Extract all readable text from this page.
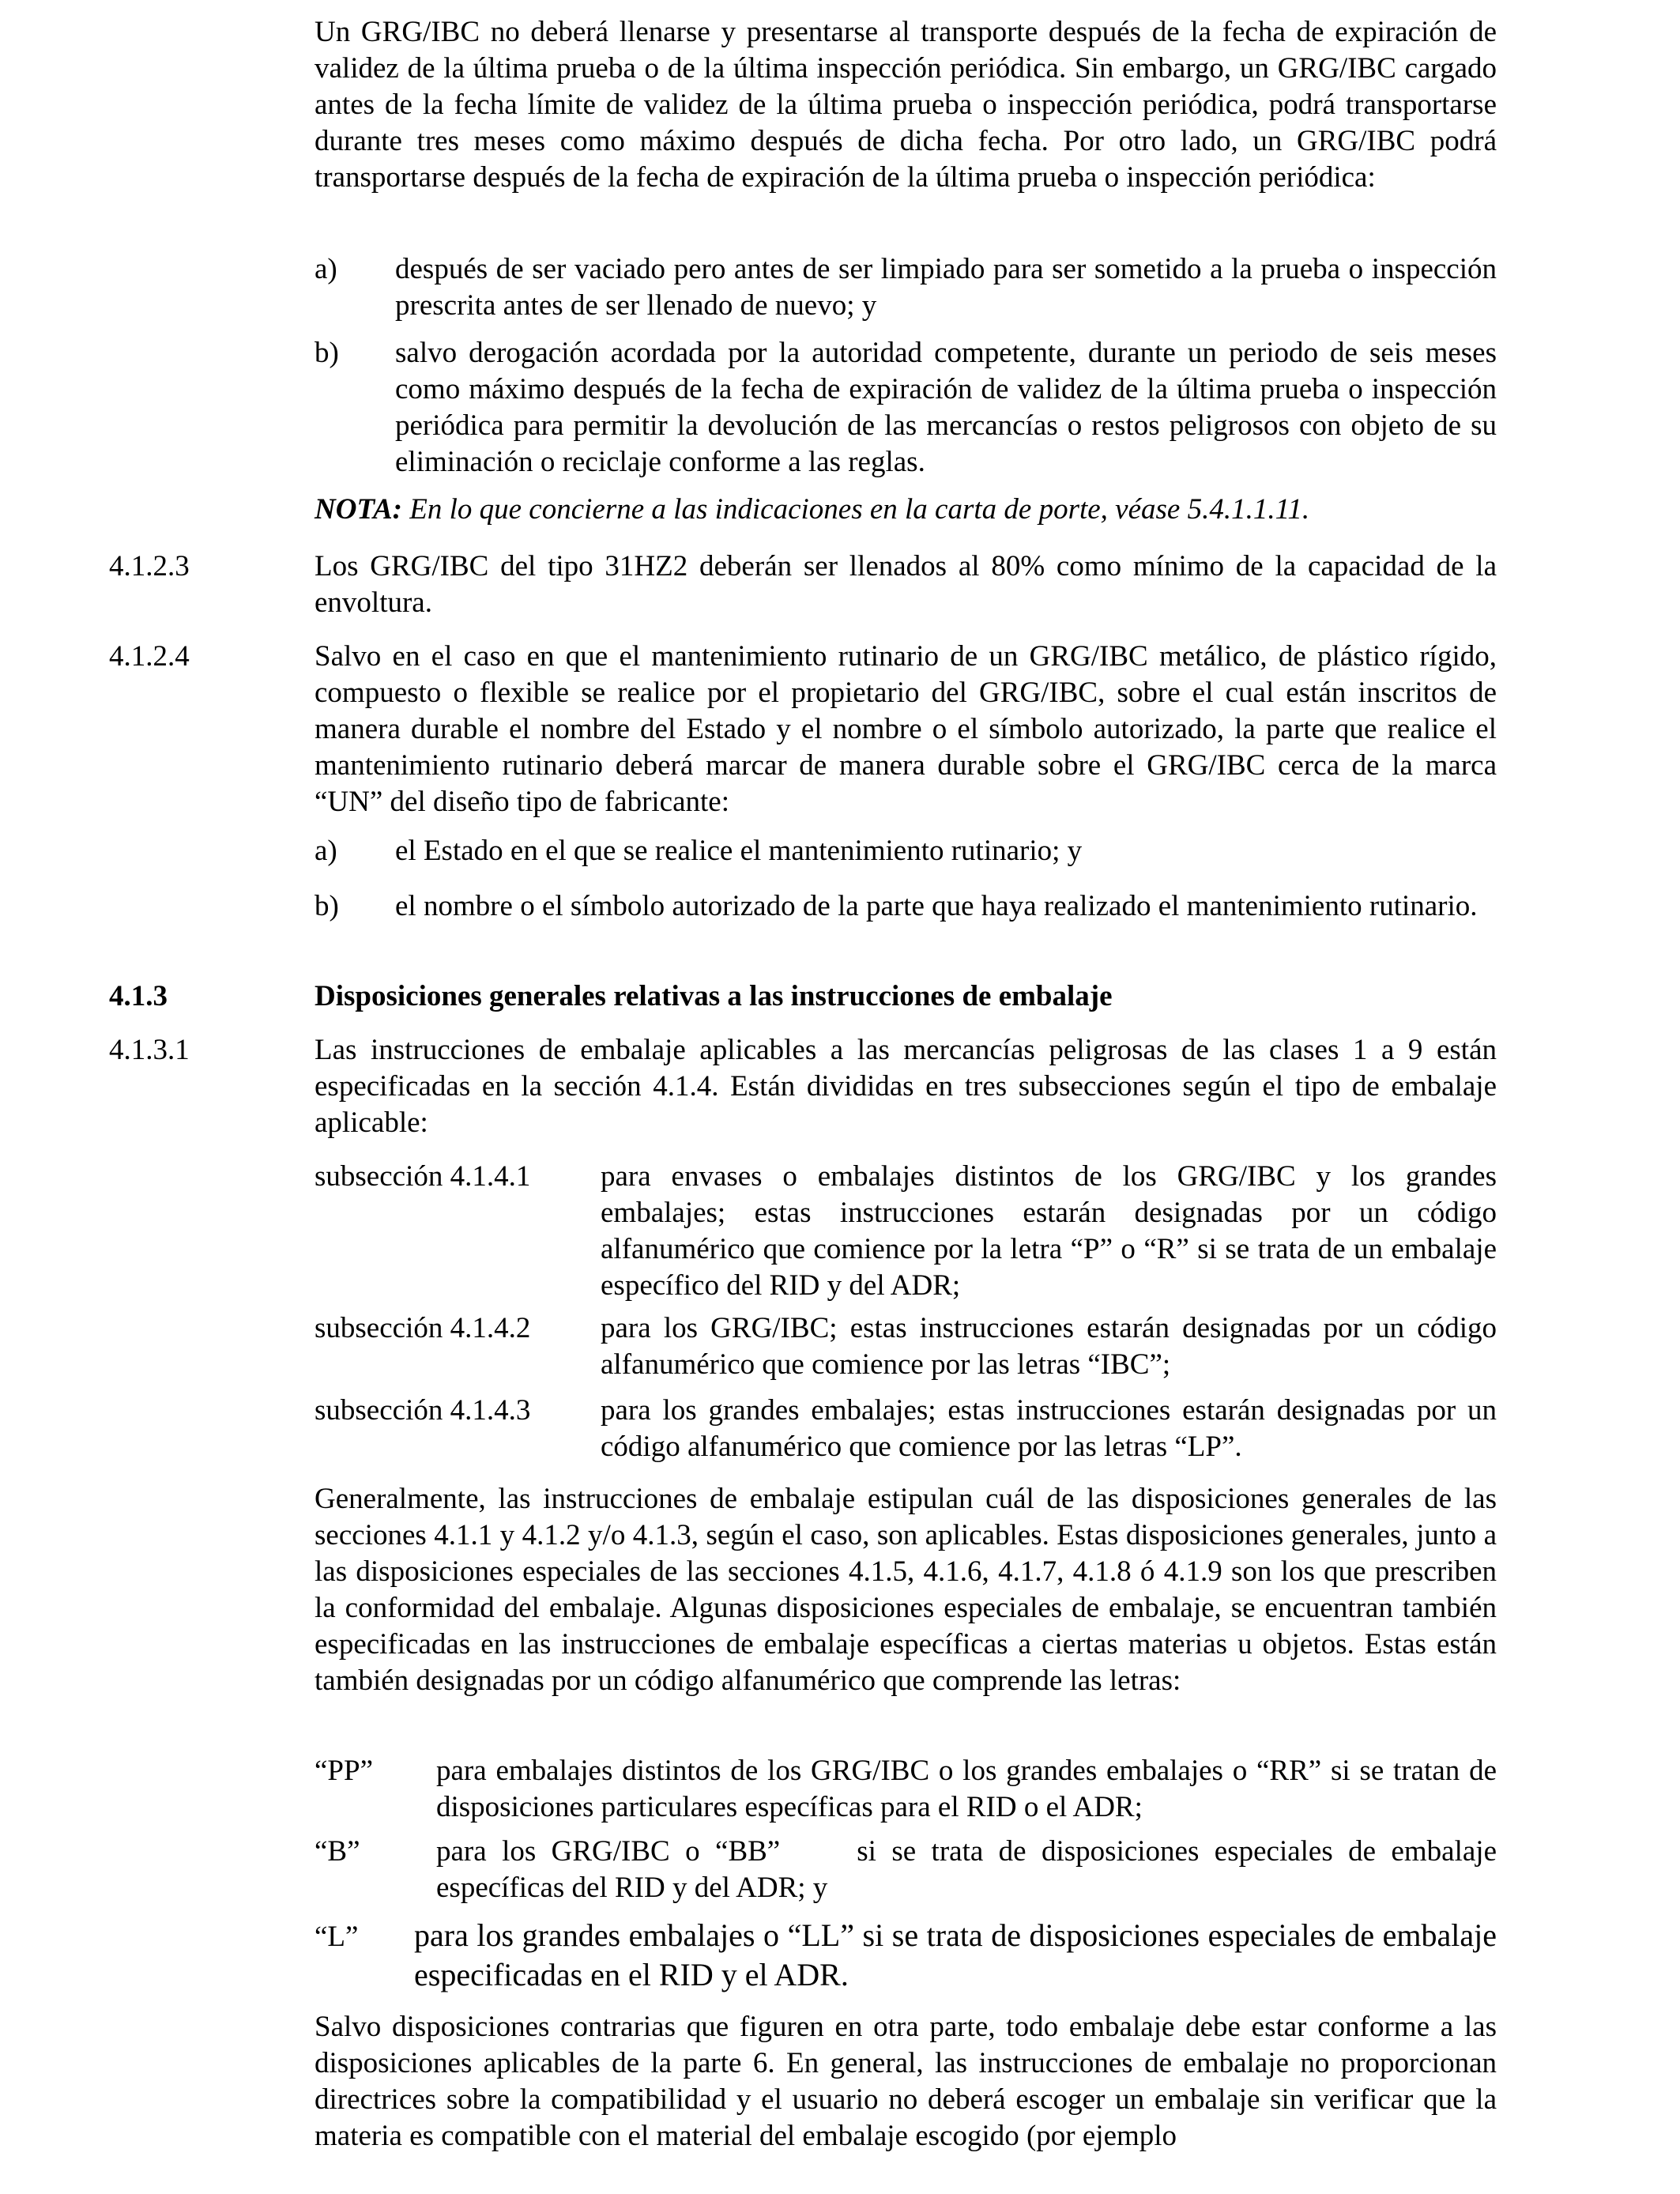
Un GRG/IBC no deberá llenarse y presentarse al transporte después de la fecha de expiración de validez de la última prueba o de la última inspección periódica. Sin embargo, un GRG/IBC cargado antes de la fecha límite de validez de la última prueba o inspección periódica, podrá transportarse durante tres meses como máximo después de dicha fecha. Por otro lado, un GRG/IBC podrá transportarse después de la fecha de expiración de la última prueba o inspección periódica:

a) después de ser vaciado pero antes de ser limpiado para ser sometido a la prueba o inspección prescrita antes de ser llenado de nuevo; y

b) salvo derogación acordada por la autoridad competente, durante un periodo de seis meses como máximo después de la fecha de expiración de validez de la última prueba o inspección periódica para permitir la devolución de las mercancías o restos peligrosos con objeto de su eliminación o reciclaje conforme a las reglas.

NOTA: En lo que concierne a las indicaciones en la carta de porte, véase 5.4.1.1.11.

4.1.2.3	Los GRG/IBC del tipo 31HZ2 deberán ser llenados al 80% como mínimo de la capacidad de la envoltura.

4.1.2.4	Salvo en el caso en que el mantenimiento rutinario de un GRG/IBC metálico, de plástico rígido, compuesto o flexible se realice por el propietario del GRG/IBC, sobre el cual están inscritos de manera durable el nombre del Estado y el nombre o el símbolo autorizado, la parte que realice el mantenimiento rutinario deberá marcar de manera durable sobre el GRG/IBC cerca de la marca “UN” del diseño tipo de fabricante:

a) el Estado en el que se realice el mantenimiento rutinario; y

b) el nombre o el símbolo autorizado de la parte que haya realizado el mantenimiento rutinario.

4.1.3	Disposiciones generales relativas a las instrucciones de embalaje

4.1.3.1	Las instrucciones de embalaje aplicables a las mercancías peligrosas de las clases 1 a 9 están especificadas en la sección 4.1.4. Están divididas en tres subsecciones según el tipo de embalaje aplicable:

subsección 4.1.4.1 para envases o embalajes distintos de los GRG/IBC y los grandes embalajes; estas instrucciones estarán designadas por un código alfanumérico que comience por la letra “P” o “R” si se trata de un embalaje específico del RID y del ADR;

subsección 4.1.4.2 para los GRG/IBC; estas instrucciones estarán designadas por un código alfanumérico que comience por las letras “IBC”;

subsección 4.1.4.3 para los grandes embalajes; estas instrucciones estarán designadas por un código alfanumérico que comience por las letras “LP”.

Generalmente, las instrucciones de embalaje estipulan cuál de las disposiciones generales de las secciones 4.1.1 y 4.1.2 y/o 4.1.3, según el caso, son aplicables. Estas disposiciones generales, junto a las disposiciones especiales de las secciones 4.1.5, 4.1.6, 4.1.7, 4.1.8 ó 4.1.9 son los que prescriben la conformidad del embalaje. Algunas disposiciones especiales de embalaje, se encuentran también especificadas en las instrucciones de embalaje específicas a ciertas materias u objetos. Estas están también designadas por un código alfanumérico que comprende las letras:

“PP” para embalajes distintos de los GRG/IBC o los grandes embalajes o “RR” si se tratan de disposiciones particulares específicas para el RID o el ADR;

“B”	para los GRG/IBC o “BB”     si se trata de disposiciones especiales de embalaje específicas del RID y del ADR; y

“L” para los grandes embalajes o “LL” si se trata de disposiciones especiales de embalaje especificadas en el RID y el ADR.

Salvo disposiciones contrarias que figuren en otra parte, todo embalaje debe estar conforme a las disposiciones aplicables de la parte 6. En general, las instrucciones de embalaje no proporcionan directrices sobre la compatibilidad y el usuario no deberá escoger un embalaje sin verificar que la materia es compatible con el material del embalaje escogido (por ejemplo
